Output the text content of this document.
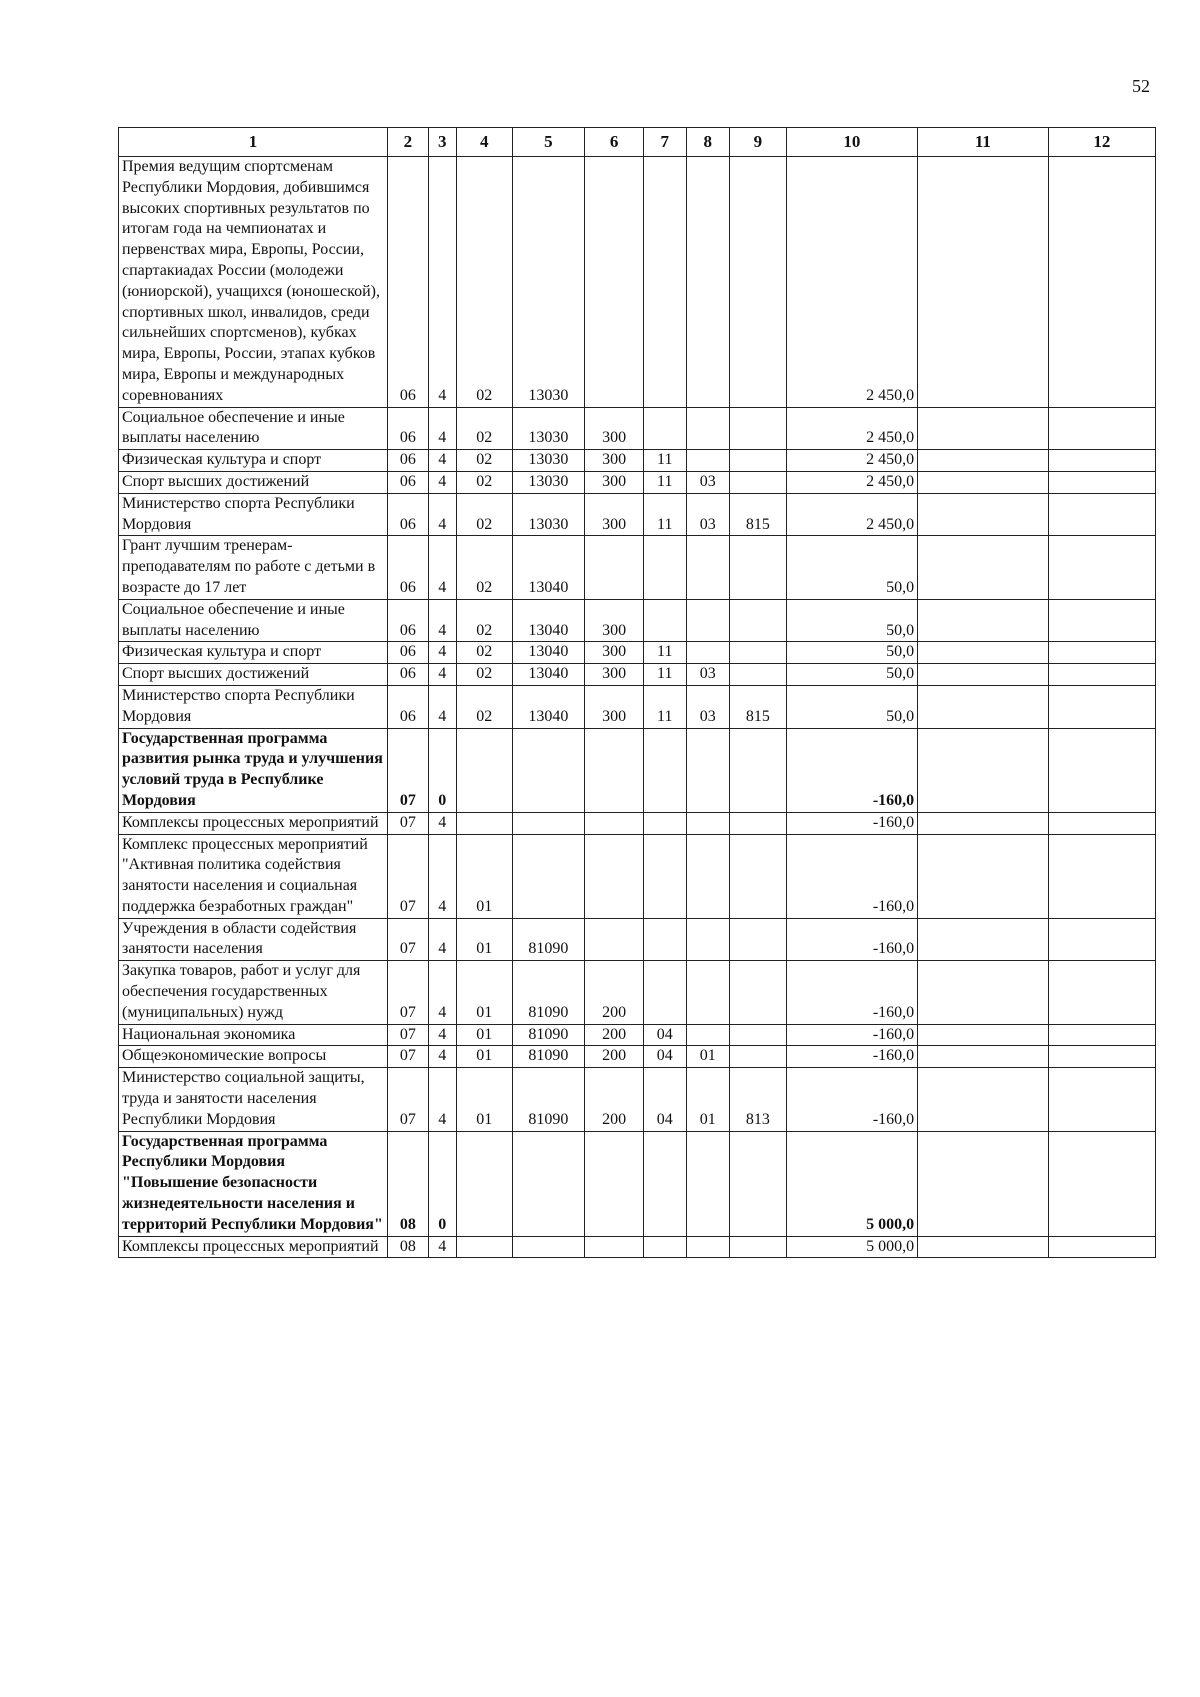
52
1	2	3	4	5	6	7	8	9	10	11	12
Премия ведущим спортсменам Республики Мордовия, добившимся высоких спортивных результатов по итогам года на чемпионатах и первенствах мира, Европы, России, спартакиадах России (молодежи (юниорской), учащихся (юношеской), спортивных школ, инвалидов, среди сильнейших спортсменов), кубках мира, Европы, России, этапах кубков мира, Европы и международных соревнованиях	06	4	02	13030					2 450,0		
Социальное обеспечение и иные выплаты населению	06	4	02	13030	300				2 450,0		
Физическая культура и спорт	06	4	02	13030	300	11			2 450,0		
Спорт высших достижений	06	4	02	13030	300	11	03		2 450,0		
Министерство спорта Республики Мордовия	06	4	02	13030	300	11	03	815	2 450,0		
Грант лучшим тренерам-преподавателям по работе с детьми в возрасте до 17 лет	06	4	02	13040					50,0		
Социальное обеспечение и иные выплаты населению	06	4	02	13040	300				50,0		
Физическая культура и спорт	06	4	02	13040	300	11			50,0		
Спорт высших достижений	06	4	02	13040	300	11	03		50,0		
Министерство спорта Республики Мордовия	06	4	02	13040	300	11	03	815	50,0		
Государственная программа развития рынка труда и улучшения условий труда в Республике Мордовия	07	0							-160,0		
Комплексы процессных мероприятий	07	4							-160,0		
Комплекс процессных мероприятий "Активная политика содействия занятости населения и социальная поддержка безработных граждан"	07	4	01						-160,0		
Учреждения в области содействия занятости населения	07	4	01	81090					-160,0		
Закупка товаров, работ и услуг для обеспечения государственных (муниципальных) нужд	07	4	01	81090	200				-160,0		
Национальная экономика	07	4	01	81090	200	04			-160,0		
Общеэкономические вопросы	07	4	01	81090	200	04	01		-160,0		
Министерство социальной защиты, труда и занятости населения Республики Мордовия	07	4	01	81090	200	04	01	813	-160,0		
Государственная программа Республики Мордовия "Повышение безопасности жизнедеятельности населения и территорий Республики Мордовия"	08	0							5 000,0		
Комплексы процессных мероприятий	08	4							5 000,0		
